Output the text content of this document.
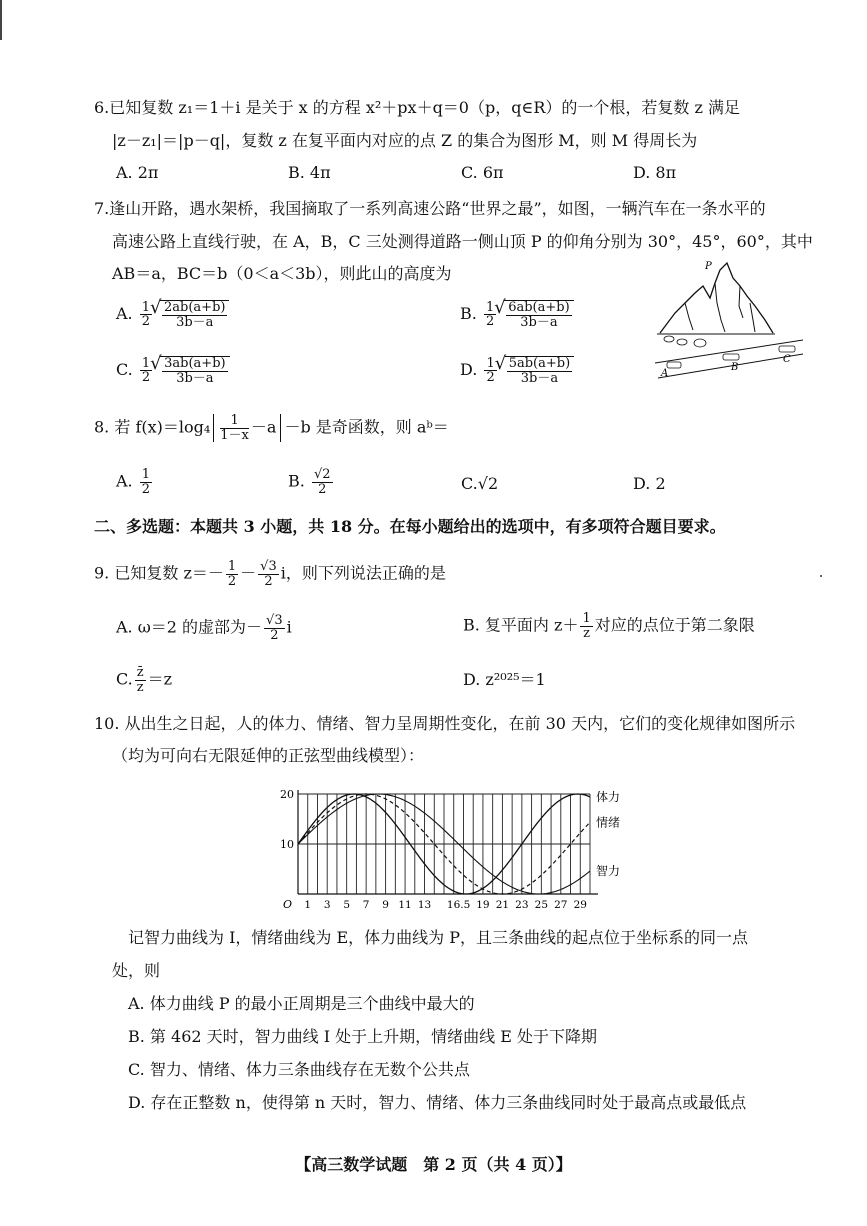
6.已知复数 z₁＝1＋i 是关于 x 的方程 x²＋px＋q＝0（p，q∈R）的一个根，若复数 z 满足
|z－z₁|＝|p－q|，复数 z 在复平面内对应的点 Z 的集合为图形 M，则 M 得周长为
A. 2π	B. 4π	C. 6π	D. 8π
7.逢山开路，遇水架桥，我国摘取了一系列高速公路“世界之最”，如图，一辆汽车在一条水平的
高速公路上直线行驶，在 A，B，C 三处测得道路一侧山顶 P 的仰角分别为 30°，45°，60°，其中
AB＝a，BC＝b（0＜a＜3b），则此山的高度为
A. $\frac{1}{2}$ √ $\frac{2ab(a+b)}{3b-a}$	B. $\frac{1}{2}$ √ $\frac{6ab(a+b)}{3b-a}$
C. $\frac{1}{2}$ √ $\frac{3ab(a+b)}{3b-a}$	D. $\frac{1}{2}$ √ $\frac{5ab(a+b)}{3b-a}$
P
A
B
C
8. 若 $f(x)=\log_4 \frac{1}{1-x} -a -b$ 是奇函数，则 aᵇ＝
A. $\frac{1}{2}$	B. $\frac{√2}{2}$	C.√2	D. 2
二、多选题：本题共 3 小题，共 18 分。在每小题给出的选项中，有多项符合题目要求。
9. 已知复数 $z=- \frac{1}{2} - \frac{√3}{2}$ i，则下列说法正确的是
A. ω＝2 的虚部为－ $\frac{√3}{2}$ i	B. 复平面内 $z+ \frac{1}{z}$ 对应的点位于第二象限
C. $\frac{z̄}{z} =z$	D. z²⁰²⁵＝1
10. 从出生之日起，人的体力、情绪、智力呈周期性变化，在前 30 天内，它们的变化规律如图所示
（均为可向右无限延伸的正弦型曲线模型）：
体力
情绪
智力
1 3 5 7 9 11 13 16.5 19 21 23 25 27 29
10
20
O
记智力曲线为 I，情绪曲线为 E，体力曲线为 P，且三条曲线的起点位于坐标系的同一点
处，则
A. 体力曲线 P 的最小正周期是三个曲线中最大的
B. 第 462 天时，智力曲线 I 处于上升期，情绪曲线 E 处于下降期
C. 智力、情绪、体力三条曲线存在无数个公共点
D. 存在正整数 n，使得第 n 天时，智力、情绪、体力三条曲线同时处于最高点或最低点
【高三数学试题　第 2 页（共 4 页）】
